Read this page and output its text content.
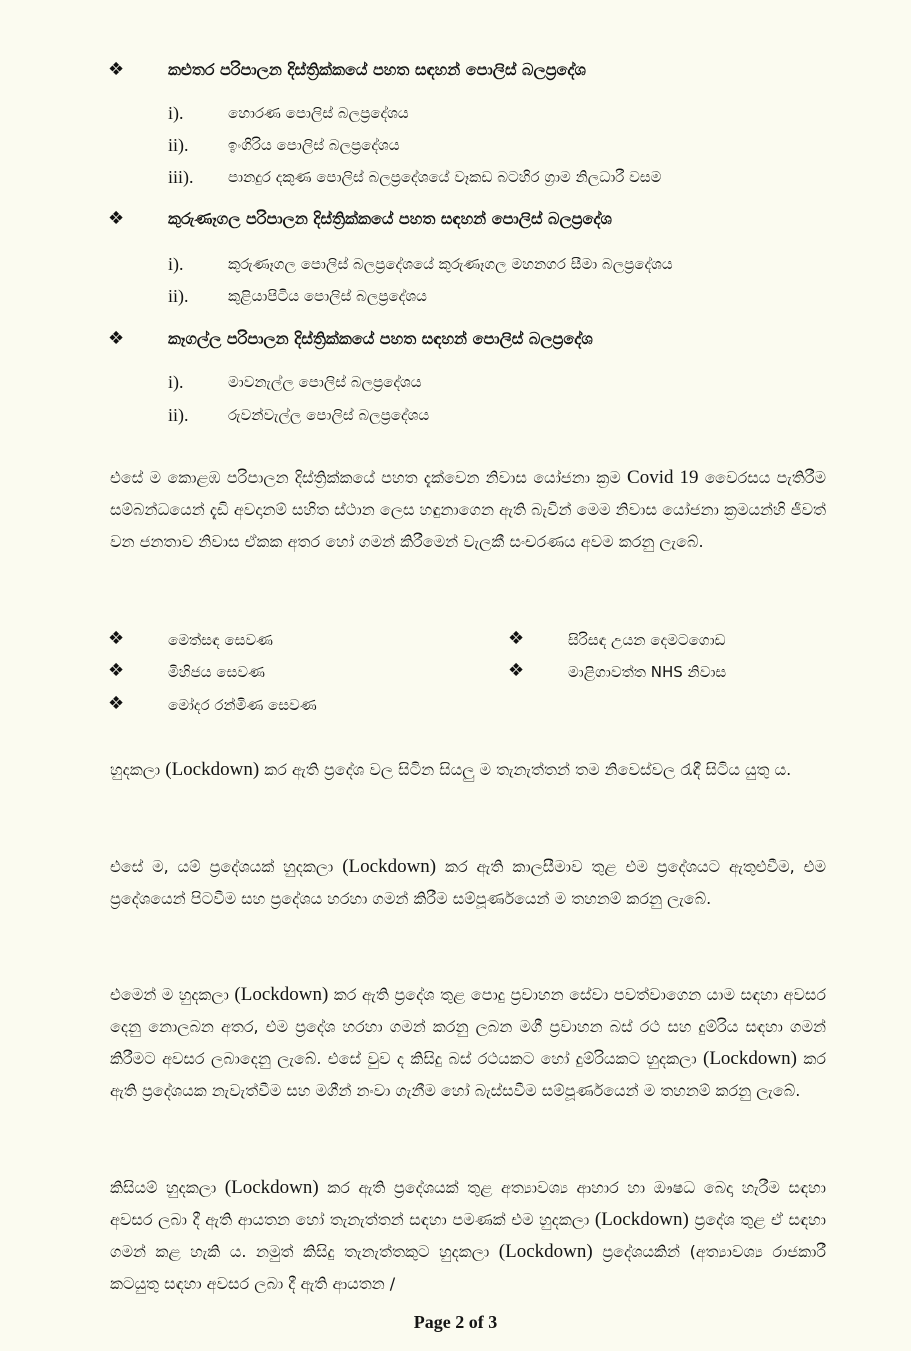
❖	කළුතර පරිපාලන දිස්ත්‍රික්කයේ පහත සඳහන් පොලිස් බලප්‍රදේශ
i).	හොරණ පොලිස් බලප්‍රදේශය
ii).	ඉංගිරිය පොලිස් බලප්‍රදේශය
iii). පානදුර දකුණ පොලිස් බලප්‍රදේශයේ වෑකඩ බටහිර ග්‍රාම නිලධාරී වසම
❖	කුරුණෑගල පරිපාලන දිස්ත්‍රික්කයේ පහත සඳහන් පොලිස් බලප්‍රදේශ
i).	කුරුණෑගල පොලිස් බලප්‍රදේශයේ කුරුණෑගල මහනගර සීමා බලප්‍රදේශය
ii).	කුළියාපිටිය පොලිස් බලප්‍රදේශය
❖	කෑගල්ල පරිපාලන දිස්ත්‍රික්කයේ පහත සඳහන් පොලිස් බලප්‍රදේශ
i).	මාවනැල්ල පොලිස් බලප්‍රදේශය
ii).	රුවන්වැල්ල පොලිස් බලප්‍රදේශය
එසේ ම කොළඹ පරිපාලන දිස්ත්‍රික්කයේ පහත දැක්වෙන නිවාස යෝජනා ක්‍රම Covid 19 වෛරසය පැතිරීම සම්බන්ධයෙන් දැඩි අවදානම් සහිත ස්ථාන ලෙස හඳුනාගෙන ඇති බැවින් මෙම නිවාස යෝජනා ක්‍රමයන්හි ජීවත් වන ජනතාව නිවාස ඒකක අතර හෝ ගමන් කිරීමෙන් වැලකී සංචරණය අවම කරනු ලැබේ.
❖	මෙත්සඳ සෙවණ
❖	මිහිජය සෙවණ
❖	මෝදර රන්මිණ සෙවණ
❖	සිරිසඳ උයන දෙමටගොඩ
❖	මාළිගාවත්ත NHS නිවාස
හුදකලා (Lockdown) කර ඇති ප්‍රදේශ වල සිටින සියලු ම තැනැත්තන් තම නිවෙස්වල රැඳී සිටිය යුතු ය.
එසේ ම, යම් ප්‍රදේශයක් හුදකලා (Lockdown) කර ඇති කාලසීමාව තුළ එම ප්‍රදේශයට ඇතුළුවීම, එම ප්‍රදේශයෙන් පිටවීම සහ ප්‍රදේශය හරහා ගමන් කිරීම සම්පූර්ණයෙන් ම තහනම් කරනු ලැබේ.
එමෙන් ම හුදකලා (Lockdown) කර ඇති ප්‍රදේශ තුළ පොදු ප්‍රවාහන සේවා පවත්වාගෙන යාම සඳහා අවසර දෙනු නොලබන අතර, එම ප්‍රදේශ හරහා ගමන් කරනු ලබන මගී ප්‍රවාහන බස් රථ සහ දුම්රිය සඳහා ගමන් කිරීමට අවසර ලබාදෙනු ලැබේ. එසේ වුව ද කිසිදු බස් රථයකට හෝ දුම්රියකට හුදකලා (Lockdown) කර ඇති ප්‍රදේශයක නැවැත්වීම සහ මගීන් නංවා ගැනීම හෝ බැස්සවීම සම්පූර්ණයෙන් ම තහනම් කරනු ලැබේ.
කිසියම් හුදකලා (Lockdown) කර ඇති ප්‍රදේශයක් තුළ අත්‍යාවශ්‍ය ආහාර හා ඖෂධ බෙදා හැරීම සඳහා අවසර ලබා දී ඇති ආයතන හෝ තැනැත්තන් සඳහා පමණක් එම හුදකලා (Lockdown) ප්‍රදේශ තුළ ඒ සඳහා ගමන් කළ හැකි ය. නමුත් කිසිදු තැනැත්තකුට හුදකලා (Lockdown) ප්‍රදේශයකින් (අත්‍යාවශ්‍ය රාජකාරී කටයුතු සඳහා අවසර ලබා දී ඇති ආයතන /
Page 2 of 3
